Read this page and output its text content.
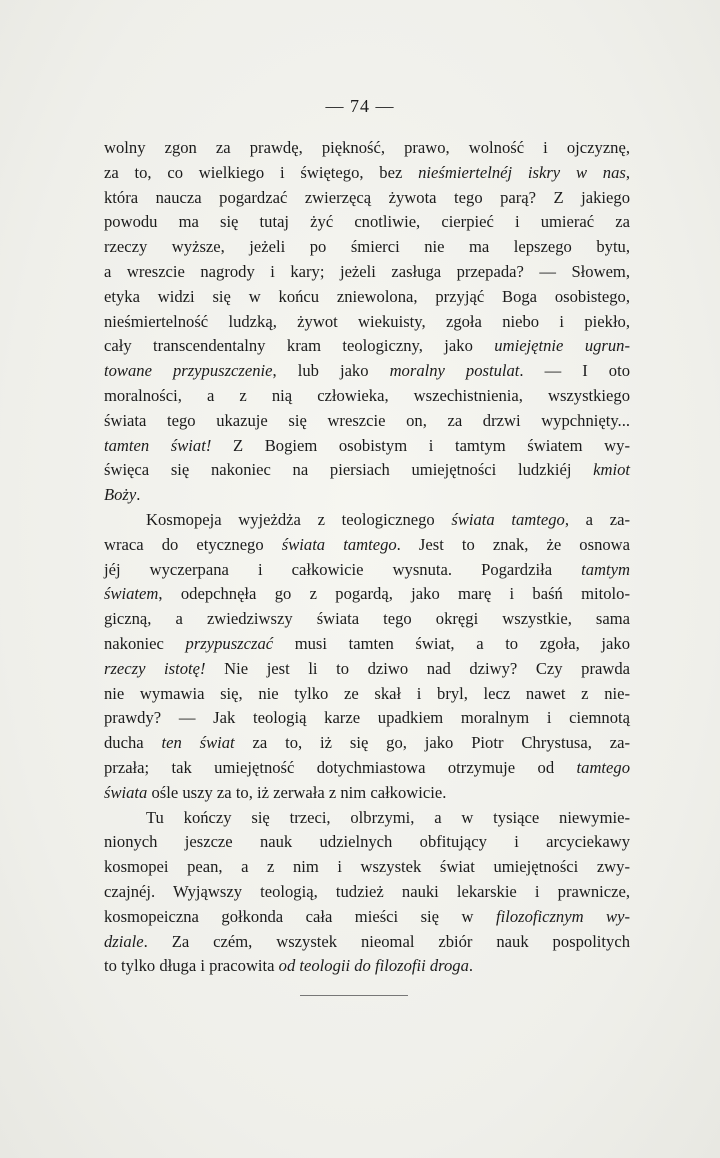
— 74 —
wolny zgon za prawdę, piękność, prawo, wolność i ojczyznę,
za to, co wielkiego i świętego, bez nieśmiertelnéj iskry w nas,
która naucza pogardzać zwierzęcą żywota tego parą? Z jakiego
powodu ma się tutaj żyć cnotliwie, cierpieć i umierać za
rzeczy wyższe, jeżeli po śmierci nie ma lepszego bytu,
a wreszcie nagrody i kary; jeżeli zasługa przepada? — Słowem,
etyka widzi się w końcu zniewolona, przyjąć Boga osobistego,
nieśmiertelność ludzką, żywot wiekuisty, zgoła niebo i piekło,
cały transcendentalny kram teologiczny, jako umiejętnie ugrun-
towane przypuszczenie, lub jako moralny postulat. — I oto
moralności, a z nią człowieka, wszechistnienia, wszystkiego
świata tego ukazuje się wreszcie on, za drzwi wypchnięty...
tamten świat! Z Bogiem osobistym i tamtym światem wy-
święca się nakoniec na piersiach umiejętności ludzkiéj kmiot
Boży.
Kosmopeja wyjeżdża z teologicznego świata tamtego, a za-
wraca do etycznego świata tamtego. Jest to znak, że osnowa
jéj wyczerpana i całkowicie wysnuta. Pogardziła tamtym
światem, odepchnęła go z pogardą, jako marę i baśń mitolo-
giczną, a zwiedziwszy świata tego okręgi wszystkie, sama
nakoniec przypuszczać musi tamten świat, a to zgoła, jako
rzeczy istotę! Nie jest li to dziwo nad dziwy? Czy prawda
nie wymawia się, nie tylko ze skał i bryl, lecz nawet z nie-
prawdy? — Jak teologią karze upadkiem moralnym i ciemnotą
ducha ten świat za to, iż się go, jako Piotr Chrystusa, za-
przała; tak umiejętność dotychmiastowa otrzymuje od tamtego
świata ośle uszy za to, iż zerwała z nim całkowicie.
Tu kończy się trzeci, olbrzymi, a w tysiące niewymie-
nionych jeszcze nauk udzielnych obfitujący i arcyciekawy
kosmopei pean, a z nim i wszystek świat umiejętności zwy-
czajnéj. Wyjąwszy teologią, tudzież nauki lekarskie i prawnicze,
kosmopeiczna gołkonda cała mieści się w filozoficznym wy-
dziale. Za czém, wszystek nieomal zbiór nauk pospolitych
to tylko długa i pracowita od teologii do filozofii droga.
